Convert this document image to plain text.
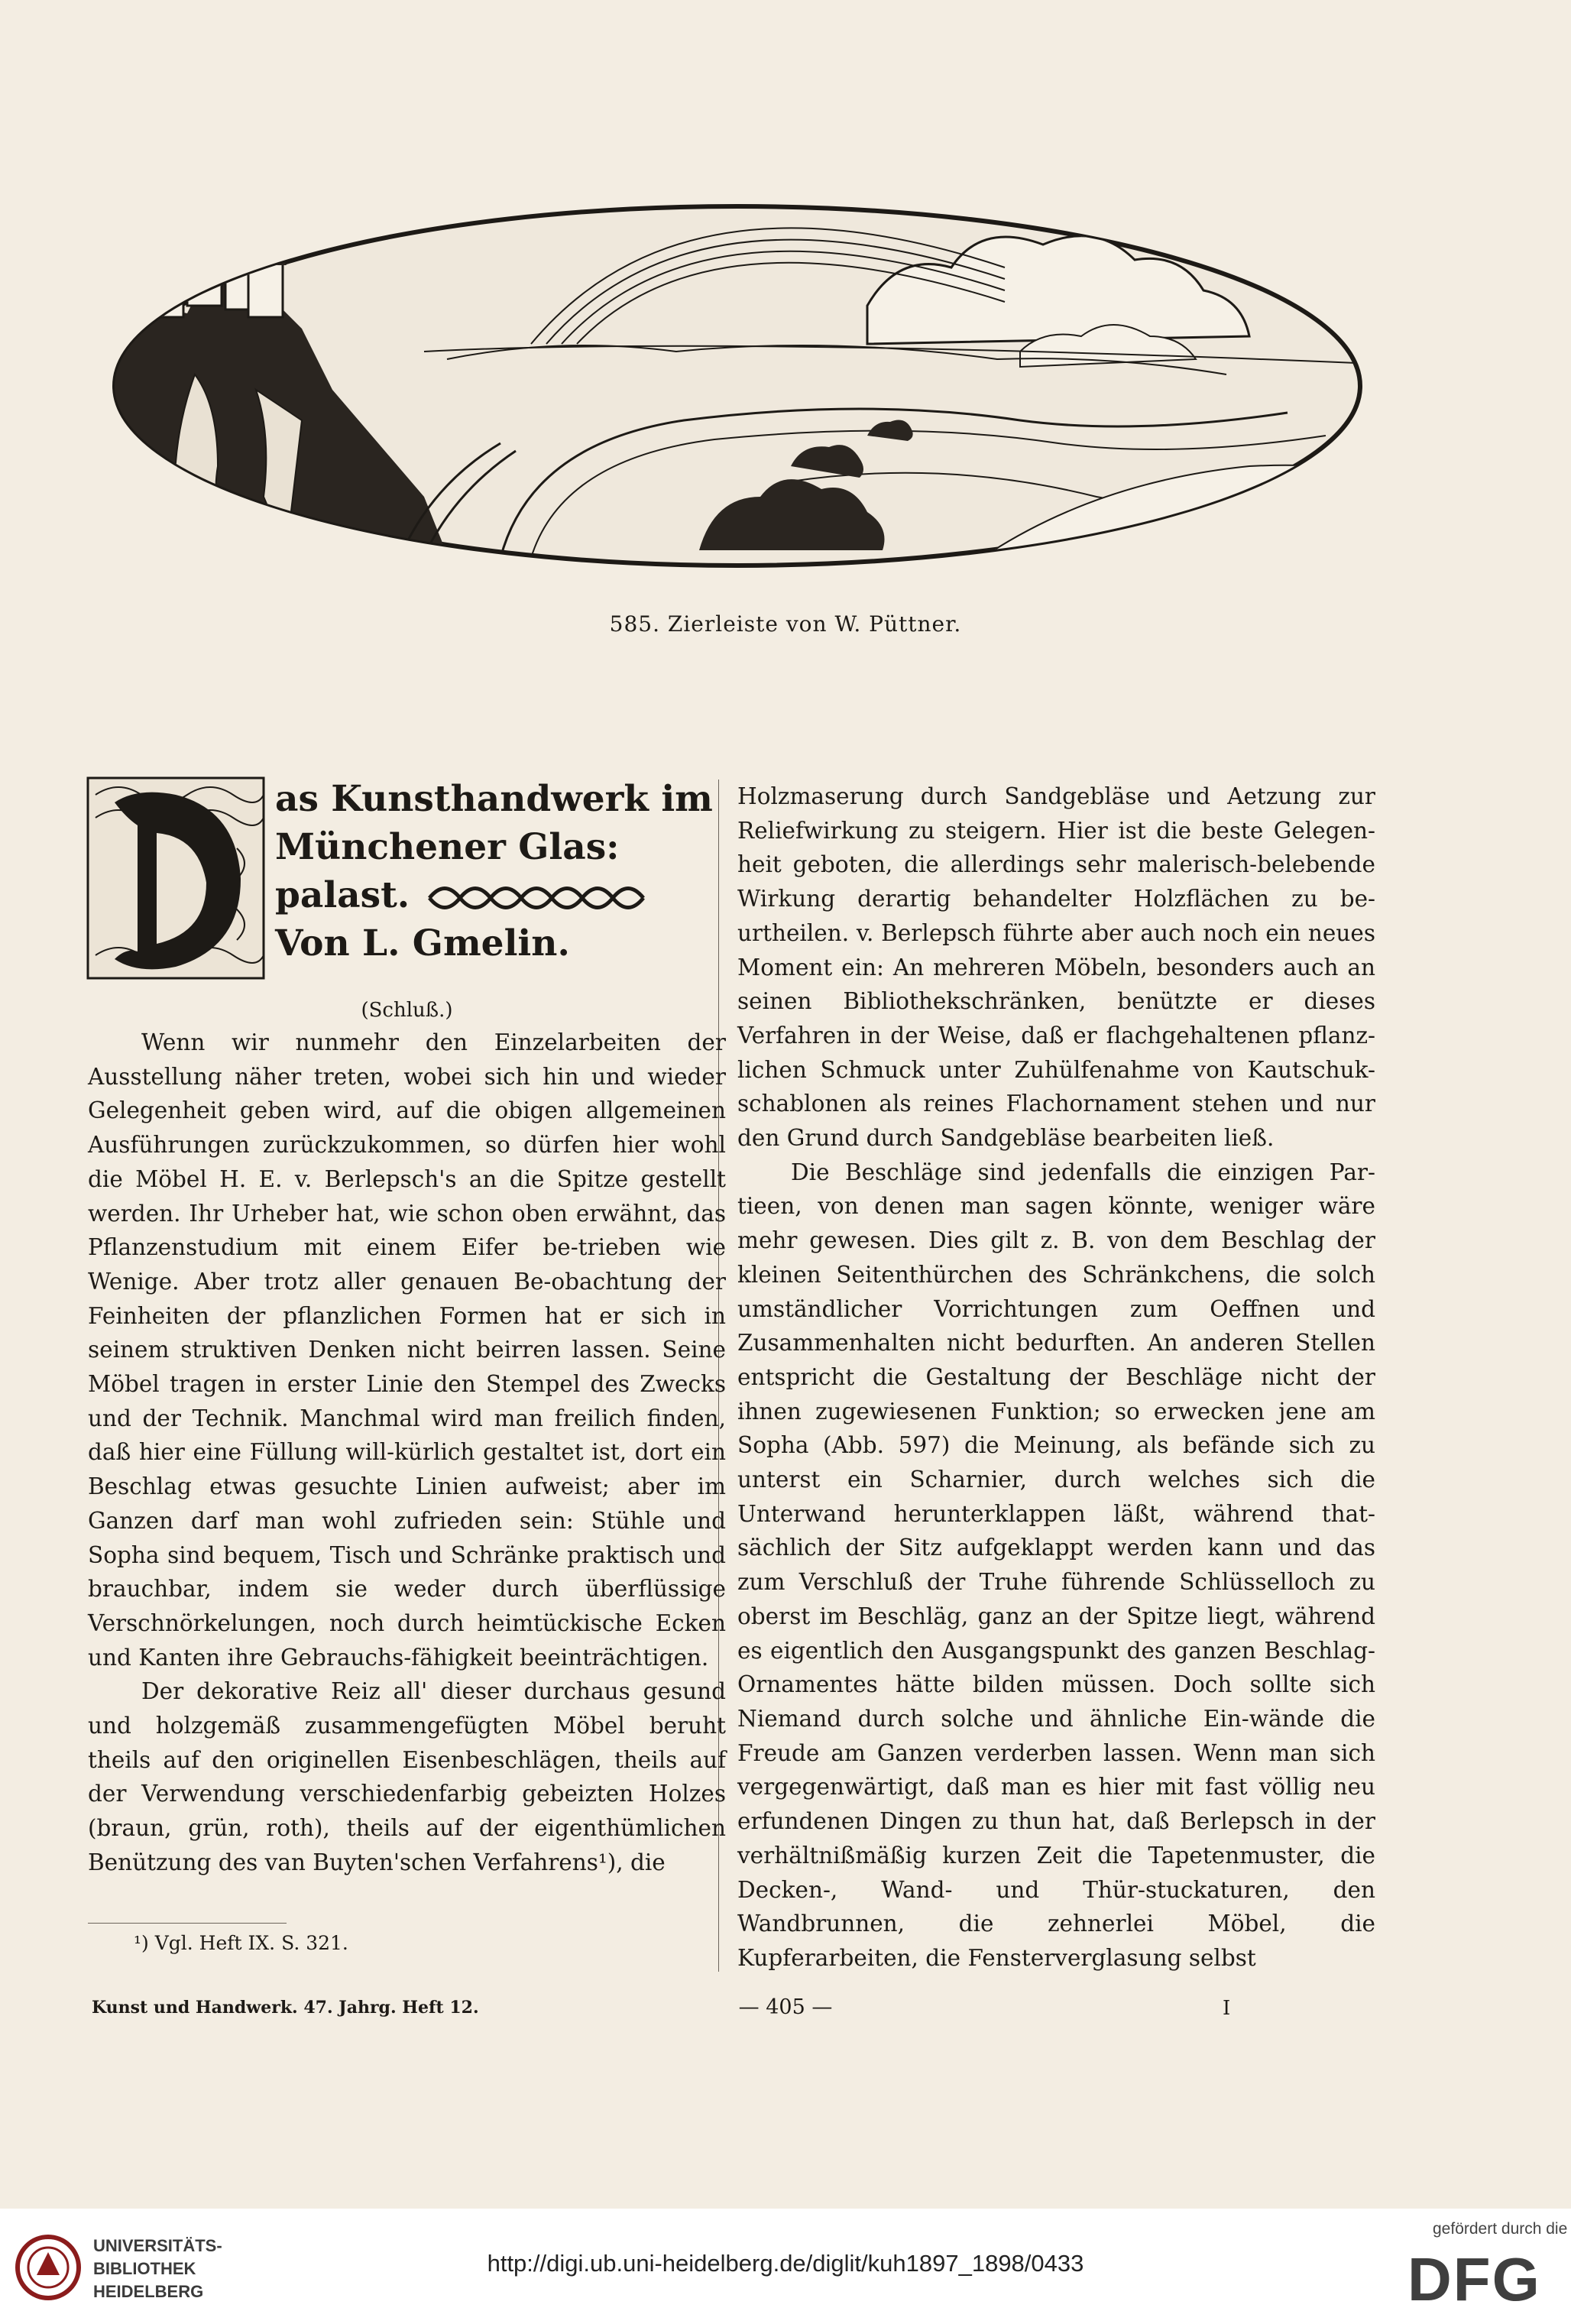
585. Zierleiste von W. Püttner.
as Kunsthandwerk im
Münchener Glas:
palast.
Von L. Gmelin.
(Schluß.)

Wenn wir nunmehr den Einzelarbeiten der Ausstellung näher treten, wobei sich hin und wieder Gelegenheit geben wird, auf die obigen allgemeinen Ausführungen zurückzukommen, so dürfen hier wohl die Möbel H. E. v. Berlepsch's an die Spitze gestellt werden. Ihr Urheber hat, wie schon oben erwähnt, das Pflanzenstudium mit einem Eifer be-trieben wie Wenige. Aber trotz aller genauen Be-obachtung der Feinheiten der pflanzlichen Formen hat er sich in seinem struktiven Denken nicht beirren lassen. Seine Möbel tragen in erster Linie den Stempel des Zwecks und der Technik. Manchmal wird man freilich finden, daß hier eine Füllung will-kürlich gestaltet ist, dort ein Beschlag etwas gesuchte Linien aufweist; aber im Ganzen darf man wohl zufrieden sein: Stühle und Sopha sind bequem, Tisch und Schränke praktisch und brauchbar, indem sie weder durch überflüssige Verschnörkelungen, noch durch heimtückische Ecken und Kanten ihre Gebrauchs-fähigkeit beeinträchtigen.

Der dekorative Reiz all' dieser durchaus gesund und holzgemäß zusammengefügten Möbel beruht theils auf den originellen Eisenbeschlägen, theils auf der Verwendung verschiedenfarbig gebeizten Holzes (braun, grün, roth), theils auf der eigenthümlichen Benützung des van Buyten'schen Verfahrens¹), die

Holzmaserung durch Sandgebläse und Aetzung zur Reliefwirkung zu steigern. Hier ist die beste Gelegen-heit geboten, die allerdings sehr malerisch-belebende Wirkung derartig behandelter Holzflächen zu be-urtheilen. v. Berlepsch führte aber auch noch ein neues Moment ein: An mehreren Möbeln, besonders auch an seinen Bibliothekschränken, benützte er dieses Verfahren in der Weise, daß er flachgehaltenen pflanz-lichen Schmuck unter Zuhülfenahme von Kautschuk-schablonen als reines Flachornament stehen und nur den Grund durch Sandgebläse bearbeiten ließ.

Die Beschläge sind jedenfalls die einzigen Par-tieen, von denen man sagen könnte, weniger wäre mehr gewesen. Dies gilt z. B. von dem Beschlag der kleinen Seitenthürchen des Schränkchens, die solch umständlicher Vorrichtungen zum Oeffnen und Zusammenhalten nicht bedurften. An anderen Stellen entspricht die Gestaltung der Beschläge nicht der ihnen zugewiesenen Funktion; so erwecken jene am Sopha (Abb. 597) die Meinung, als befände sich zu unterst ein Scharnier, durch welches sich die Unterwand herunterklappen läßt, während that-sächlich der Sitz aufgeklappt werden kann und das zum Verschluß der Truhe führende Schlüsselloch zu oberst im Beschläg, ganz an der Spitze liegt, während es eigentlich den Ausgangspunkt des ganzen Beschlag-Ornamentes hätte bilden müssen. Doch sollte sich Niemand durch solche und ähnliche Ein-wände die Freude am Ganzen verderben lassen. Wenn man sich vergegenwärtigt, daß man es hier mit fast völlig neu erfundenen Dingen zu thun hat, daß Berlepsch in der verhältnißmäßig kurzen Zeit die Tapetenmuster, die Decken-, Wand- und Thür-stuckaturen, den Wandbrunnen, die zehnerlei Möbel, die Kupferarbeiten, die Fensterverglasung selbst

¹) Vgl. Heft IX. S. 321.
Kunst und Handwerk. 47. Jahrg. Heft 12.	— 405 —	I
UNIVERSITÄTS-
BIBLIOTHEK
HEIDELBERG
http://digi.ub.uni-heidelberg.de/diglit/kuh1897_1898/0433
gefördert durch die
DFG
